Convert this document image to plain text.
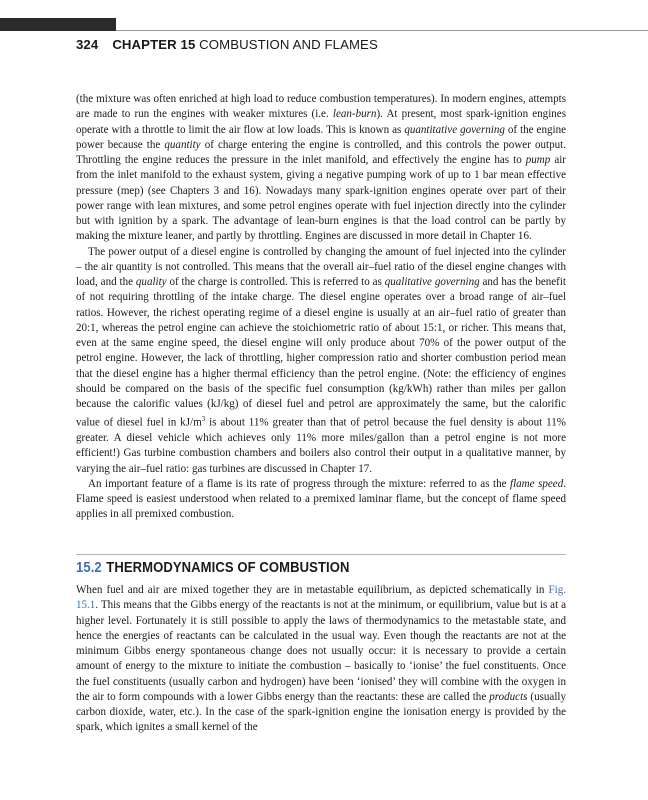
324 CHAPTER 15 COMBUSTION AND FLAMES

(the mixture was often enriched at high load to reduce combustion temperatures). In modern engines, attempts are made to run the engines with weaker mixtures (i.e. lean-burn). At present, most spark-ignition engines operate with a throttle to limit the air flow at low loads. This is known as quantitative governing of the engine power because the quantity of charge entering the engine is controlled, and this controls the power output. Throttling the engine reduces the pressure in the inlet manifold, and effectively the engine has to pump air from the inlet manifold to the exhaust system, giving a negative pumping work of up to 1 bar mean effective pressure (mep) (see Chapters 3 and 16). Nowadays many spark-ignition engines operate over part of their power range with lean mixtures, and some petrol engines operate with fuel injection directly into the cylinder but with ignition by a spark. The advantage of lean-burn engines is that the load control can be partly by making the mixture leaner, and partly by throttling. Engines are discussed in more detail in Chapter 16.

The power output of a diesel engine is controlled by changing the amount of fuel injected into the cylinder – the air quantity is not controlled. This means that the overall air–fuel ratio of the diesel engine changes with load, and the quality of the charge is controlled. This is referred to as qualitative governing and has the benefit of not requiring throttling of the intake charge. The diesel engine operates over a broad range of air–fuel ratios. However, the richest operating regime of a diesel engine is usually at an air–fuel ratio of greater than 20:1, whereas the petrol engine can achieve the stoichiometric ratio of about 15:1, or richer. This means that, even at the same engine speed, the diesel engine will only produce about 70% of the power output of the petrol engine. However, the lack of throttling, higher compression ratio and shorter combustion period mean that the diesel engine has a higher thermal efficiency than the petrol engine. (Note: the efficiency of engines should be compared on the basis of the specific fuel consumption (kg/kWh) rather than miles per gallon because the calorific values (kJ/kg) of diesel fuel and petrol are approximately the same, but the calorific value of diesel fuel in $kJ/m^3$ is about 11% greater than that of petrol because the fuel density is about 11% greater. A diesel vehicle which achieves only 11% more miles/gallon than a petrol engine is not more efficient!) Gas turbine combustion chambers and boilers also control their output in a qualitative manner, by varying the air–fuel ratio: gas turbines are discussed in Chapter 17.

An important feature of a flame is its rate of progress through the mixture: referred to as the flame speed. Flame speed is easiest understood when related to a premixed laminar flame, but the concept of flame speed applies in all premixed combustion.

15.2 THERMODYNAMICS OF COMBUSTION
When fuel and air are mixed together they are in metastable equilibrium, as depicted schematically in Fig. 15.1. This means that the Gibbs energy of the reactants is not at the minimum, or equilibrium, value but is at a higher level. Fortunately it is still possible to apply the laws of thermodynamics to the metastable state, and hence the energies of reactants can be calculated in the usual way. Even though the reactants are not at the minimum Gibbs energy spontaneous change does not usually occur: it is necessary to provide a certain amount of energy to the mixture to initiate the combustion – basically to ‘ionise’ the fuel constituents. Once the fuel constituents (usually carbon and hydrogen) have been ‘ionised’ they will combine with the oxygen in the air to form compounds with a lower Gibbs energy than the reactants: these are called the products (usually carbon dioxide, water, etc.). In the case of the spark-ignition engine the ionisation energy is provided by the spark, which ignites a small kernel of the
